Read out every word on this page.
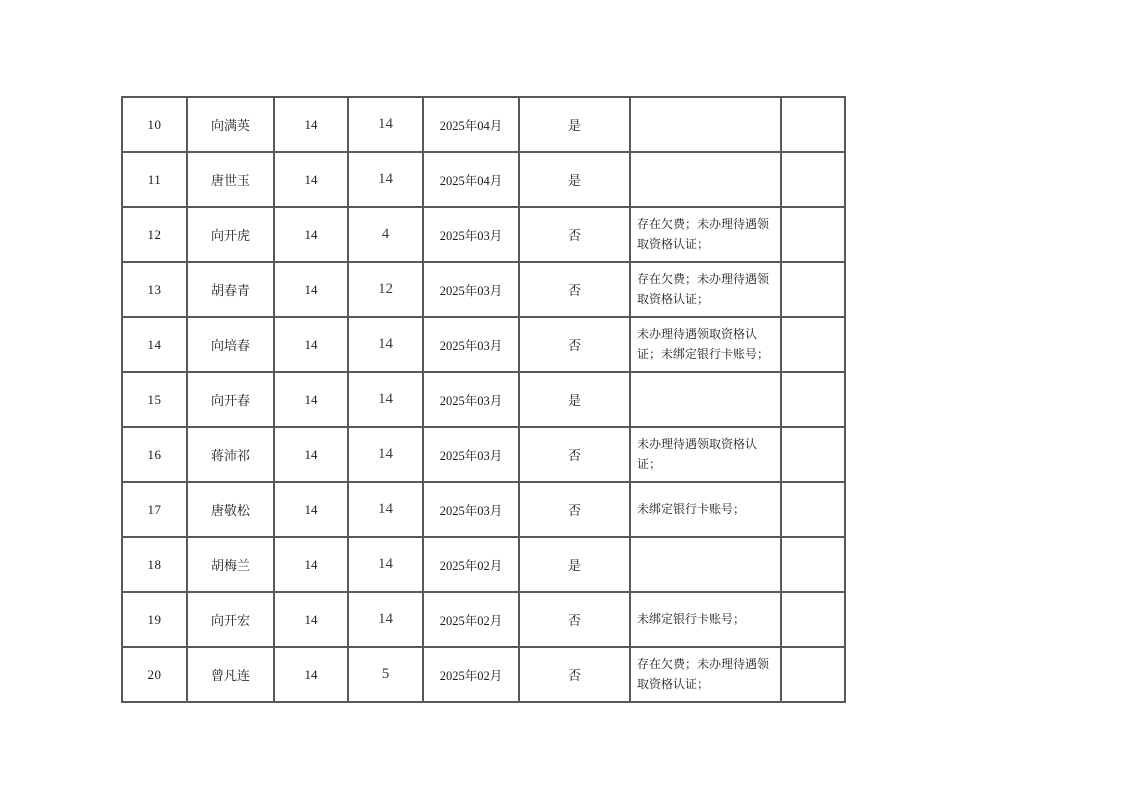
10	向满英	14	14	2025年04月	是		
11	唐世玉	14	14	2025年04月	是		
12	向开虎	14	4	2025年03月	否	存在欠费；未办理待遇领取资格认证；	
13	胡春青	14	12	2025年03月	否	存在欠费；未办理待遇领取资格认证；	
14	向培春	14	14	2025年03月	否	未办理待遇领取资格认证；未绑定银行卡账号；	
15	向开春	14	14	2025年03月	是		
16	蒋沛祁	14	14	2025年03月	否	未办理待遇领取资格认证；	
17	唐敬松	14	14	2025年03月	否	未绑定银行卡账号；	
18	胡梅兰	14	14	2025年02月	是		
19	向开宏	14	14	2025年02月	否	未绑定银行卡账号；	
20	曾凡连	14	5	2025年02月	否	存在欠费；未办理待遇领取资格认证；	
